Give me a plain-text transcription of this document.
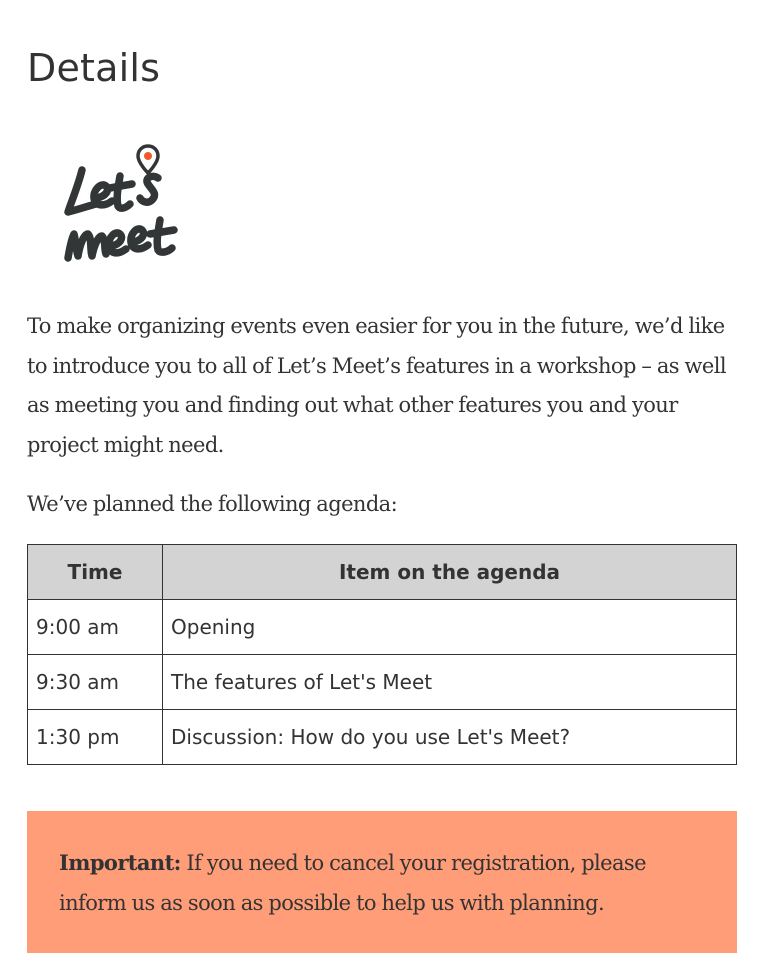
Details

To make organizing events even easier for you in the future, we’d like to introduce you to all of Let’s Meet’s features in a workshop – as well as meeting you and finding out what other features you and your project might need.

We’ve planned the following agenda:

Time	Item on the agenda
9:00 am	Opening
9:30 am	The features of Let's Meet
1:30 pm	Discussion: How do you use Let's Meet?

Important: If you need to cancel your registration, please inform us as soon as possible to help us with planning.
